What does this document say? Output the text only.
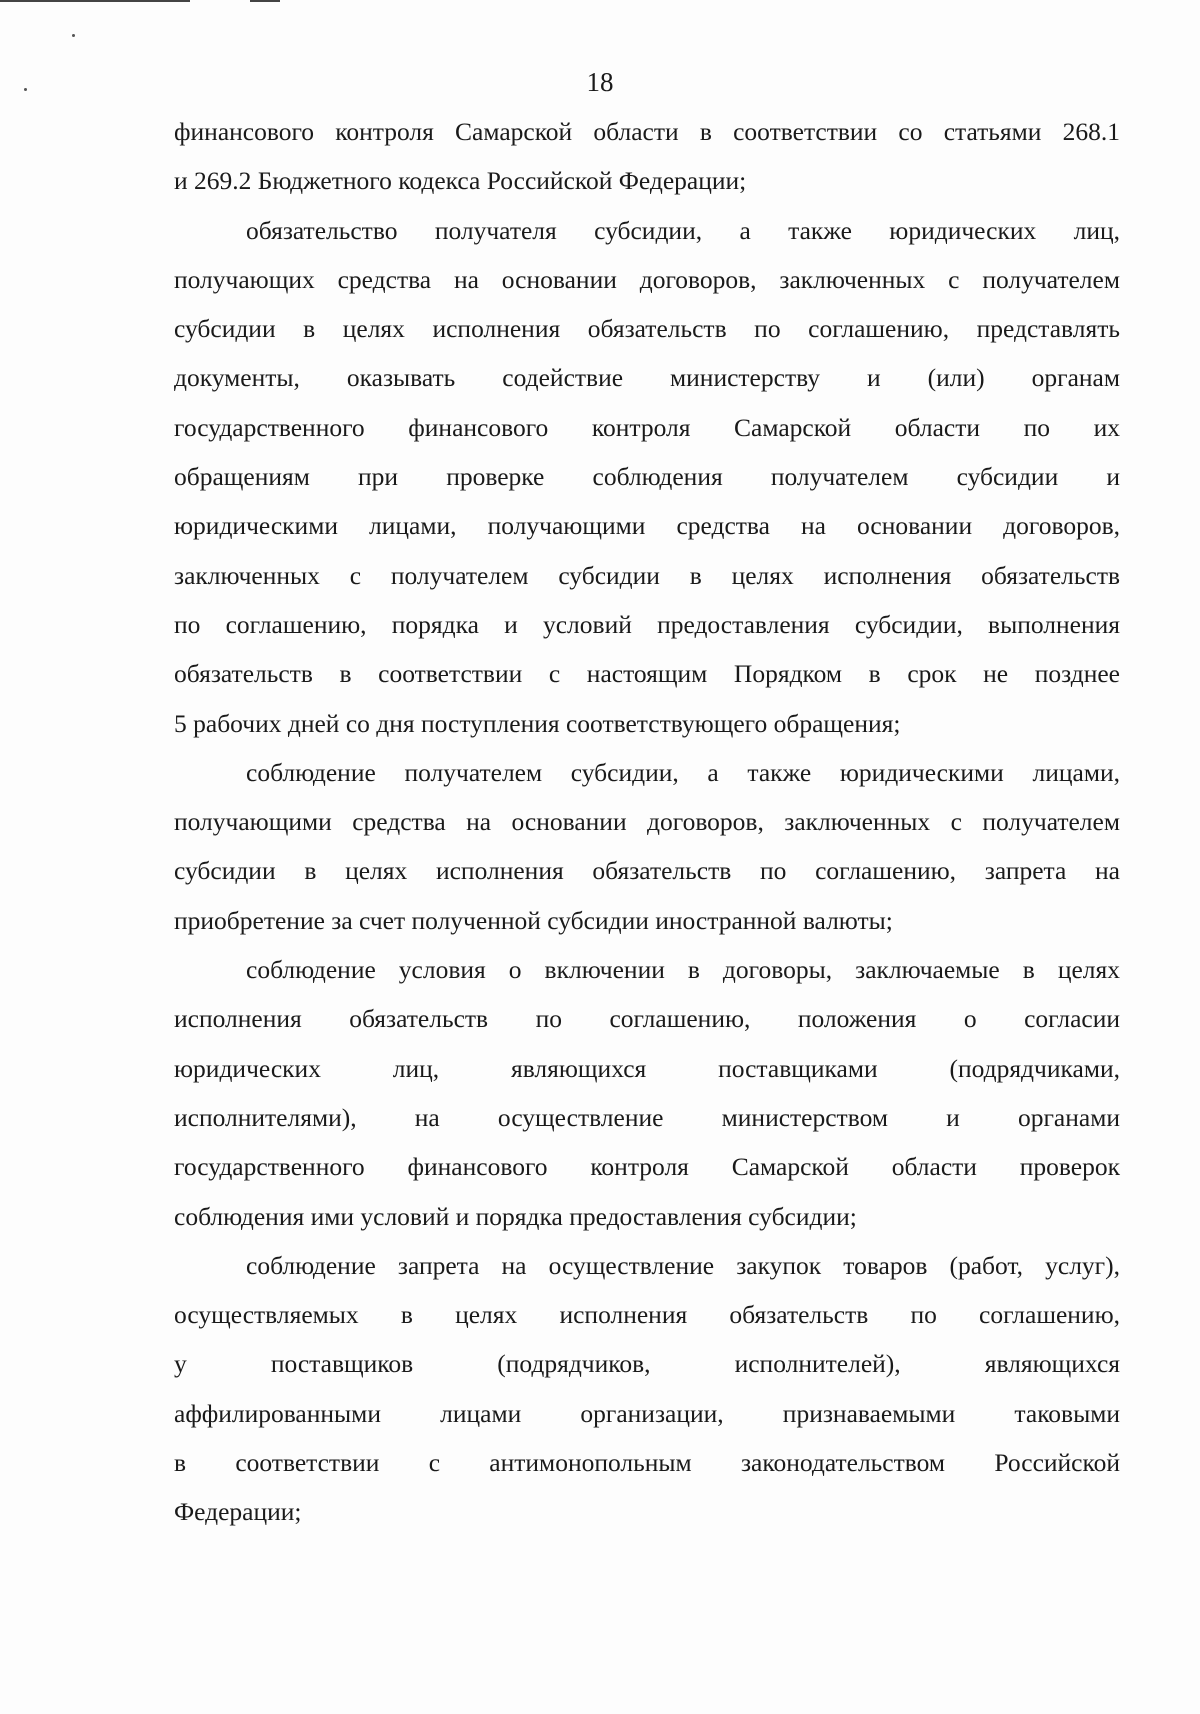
18
финансового контроля Самарской области в соответствии со статьями 268.1
и 269.2 Бюджетного кодекса Российской Федерации;
обязательство получателя субсидии, а также юридических лиц,
получающих средства на основании договоров, заключенных с получателем
субсидии в целях исполнения обязательств по соглашению, представлять
документы, оказывать содействие министерству и (или) органам
государственного финансового контроля Самарской области по их
обращениям при проверке соблюдения получателем субсидии и
юридическими лицами, получающими средства на основании договоров,
заключенных с получателем субсидии в целях исполнения обязательств
по соглашению, порядка и условий предоставления субсидии, выполнения
обязательств в соответствии с настоящим Порядком в срок не позднее
5 рабочих дней со дня поступления соответствующего обращения;
соблюдение получателем субсидии, а также юридическими лицами,
получающими средства на основании договоров, заключенных с получателем
субсидии в целях исполнения обязательств по соглашению, запрета на
приобретение за счет полученной субсидии иностранной валюты;
соблюдение условия о включении в договоры, заключаемые в целях
исполнения обязательств по соглашению, положения о согласии
юридических лиц, являющихся поставщиками (подрядчиками,
исполнителями), на осуществление министерством и органами
государственного финансового контроля Самарской области проверок
соблюдения ими условий и порядка предоставления субсидии;
соблюдение запрета на осуществление закупок товаров (работ, услуг),
осуществляемых в целях исполнения обязательств по соглашению,
у поставщиков (подрядчиков, исполнителей), являющихся
аффилированными лицами организации, признаваемыми таковыми
в соответствии с антимонопольным законодательством Российской
Федерации;
